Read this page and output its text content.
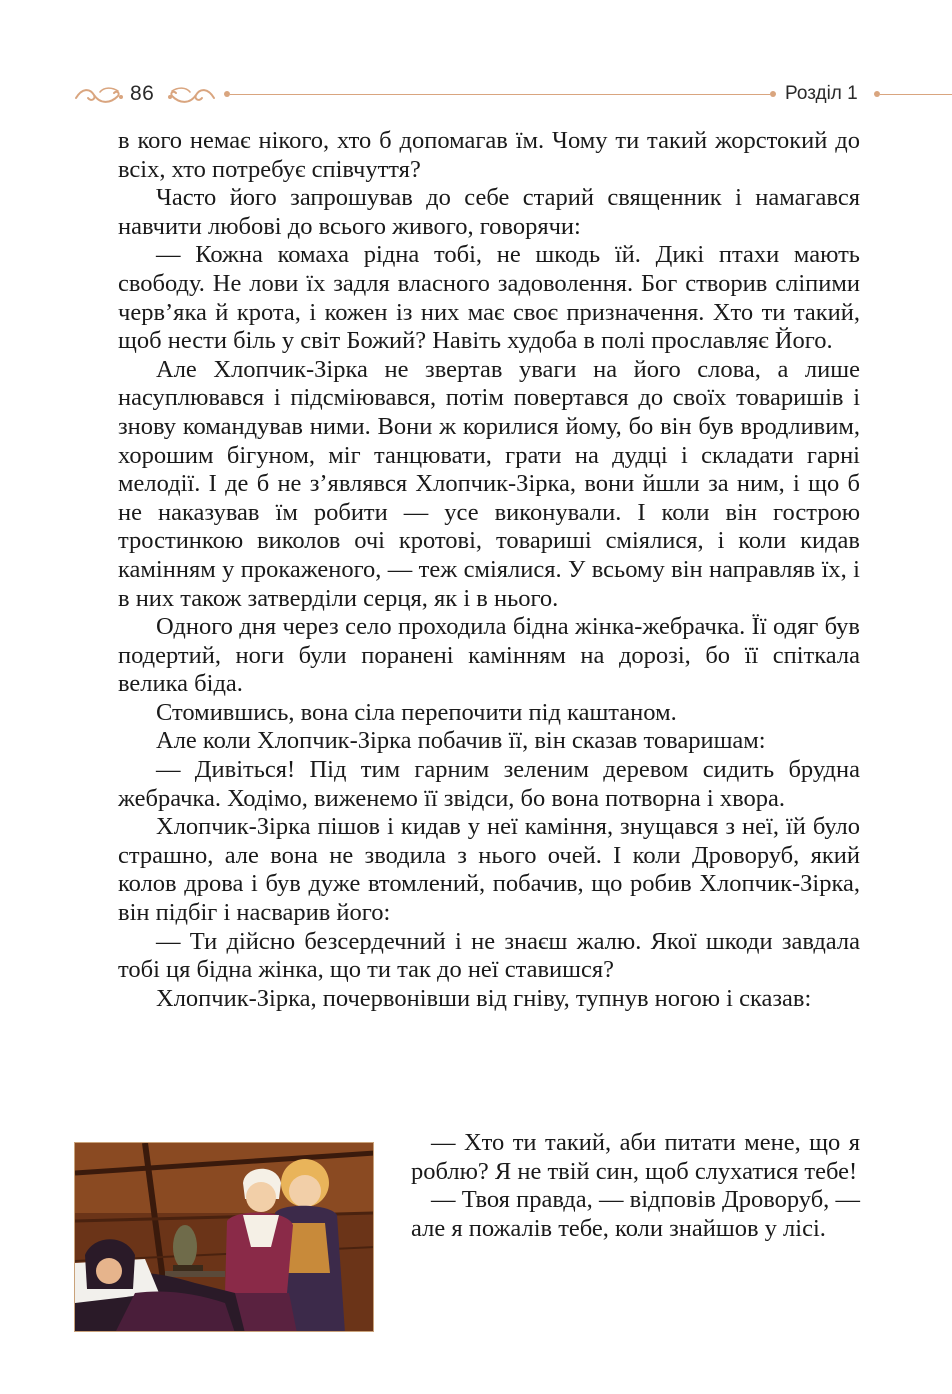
86	Розділ 1

в кого немає нікого, хто б допомагав їм. Чому ти такий жорстокий до всіх, хто потребує співчуття?

Часто його запрошував до себе старий священник і намагався навчити любові до всього живого, говорячи:

— Кожна комаха рідна тобі, не шкодь їй. Дикі птахи мають свободу. Не лови їх задля власного задоволення. Бог створив сліпими черв’яка й крота, і кожен із них має своє призначення. Хто ти такий, щоб нести біль у світ Божий? Навіть худоба в полі прославляє Його.

Але Хлопчик-Зірка не звертав уваги на його слова, а лише насуплювався і підсміювався, потім повертався до своїх товаришів і знову командував ними. Вони ж корилися йому, бо він був вродливим, хорошим бігуном, міг танцювати, грати на дудці і складати гарні мелодії. І де б не з’являвся Хлопчик-Зірка, вони йшли за ним, і що б не наказував їм робити — усе виконували. І коли він гострою тростинкою виколов очі кротові, товариші сміялися, і коли кидав камінням у прокаженого, — теж сміялися. У всьому він направляв їх, і в них також затверділи серця, як і в нього.

Одного дня через село проходила бідна жінка-жебрачка. Її одяг був подертий, ноги були поранені камінням на дорозі, бо її спіткала велика біда.

Стомившись, вона сіла перепочити під каштаном.

Але коли Хлопчик-Зірка побачив її, він сказав товаришам:

— Дивіться! Під тим гарним зеленим деревом сидить брудна жебрачка. Ходімо, виженемо її звідси, бо вона потворна і хвора.

Хлопчик-Зірка пішов і кидав у неї каміння, знущався з неї, їй було страшно, але вона не зводила з нього очей. І коли Дроворуб, який колов дрова і був дуже втомлений, побачив, що робив Хлопчик-Зірка, він підбіг і насварив його:

— Ти дійсно безсердечний і не знаєш жалю. Якої шкоди завдала тобі ця бідна жінка, що ти так до неї ставишся?

Хлопчик-Зірка, почервонівши від гніву, тупнув ногою і сказав:

— Хто ти такий, аби питати мене, що я роблю? Я не твій син, щоб слухатися тебе!

— Твоя правда, — відповів Дроворуб, — але я пожалів тебе, коли знайшов у лісі.
